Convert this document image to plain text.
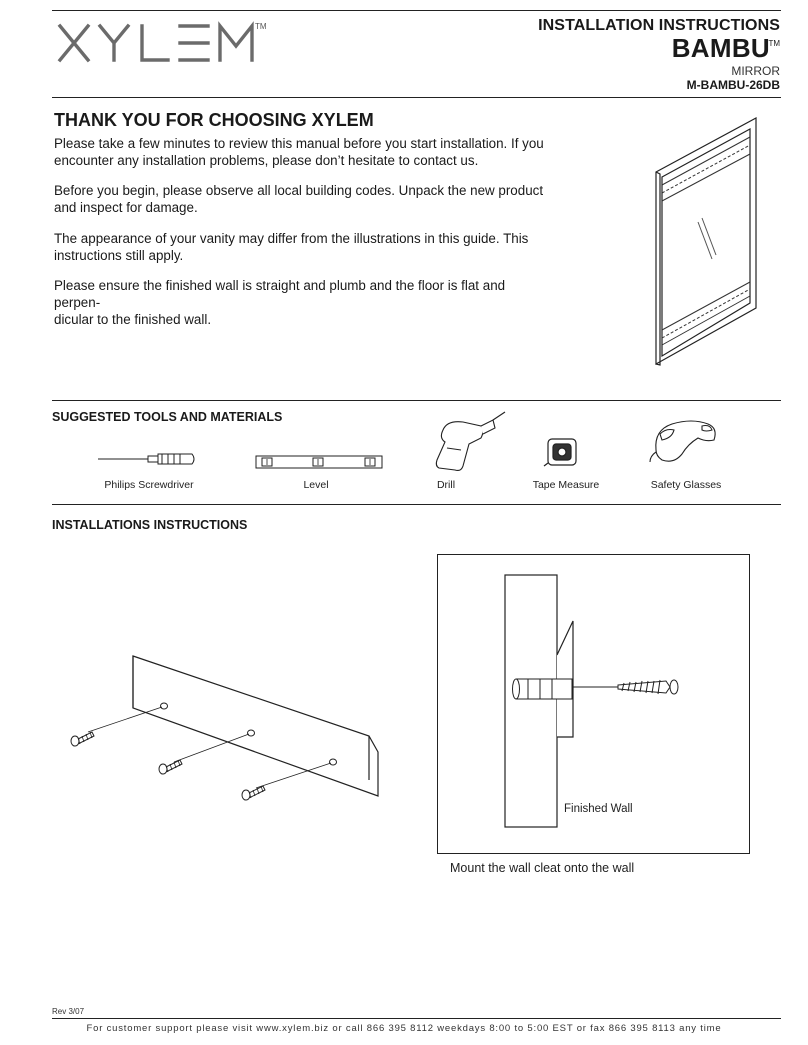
TM	INSTALLATION INSTRUCTIONS
BAMBU
TM
MIRROR
M-BAMBU-26DB
THANK YOU FOR CHOOSING XYLEM
Please take a few minutes to review this manual before you start installation. If you
encounter any installation problems, please don’t hesitate to contact us.
Before you begin, please observe all local building codes. Unpack the new product
and inspect for damage.
The appearance of your vanity may differ from the illustrations in this guide. This
instructions still apply.
Please ensure the finished wall is straight and plumb and the floor is flat and perpen-
dicular to the finished wall.
SUGGESTED TOOLS AND MATERIALS
Philips Screwdriver	Level	Drill	Tape Measure	Safety Glasses
INSTALLATIONS INSTRUCTIONS
Finished Wall
Mount the wall cleat onto the wall
Rev 3/07
For customer support please visit www.xylem.biz or call 866 395 8112 weekdays 8:00 to 5:00 EST or fax 866 395 8113 any time
